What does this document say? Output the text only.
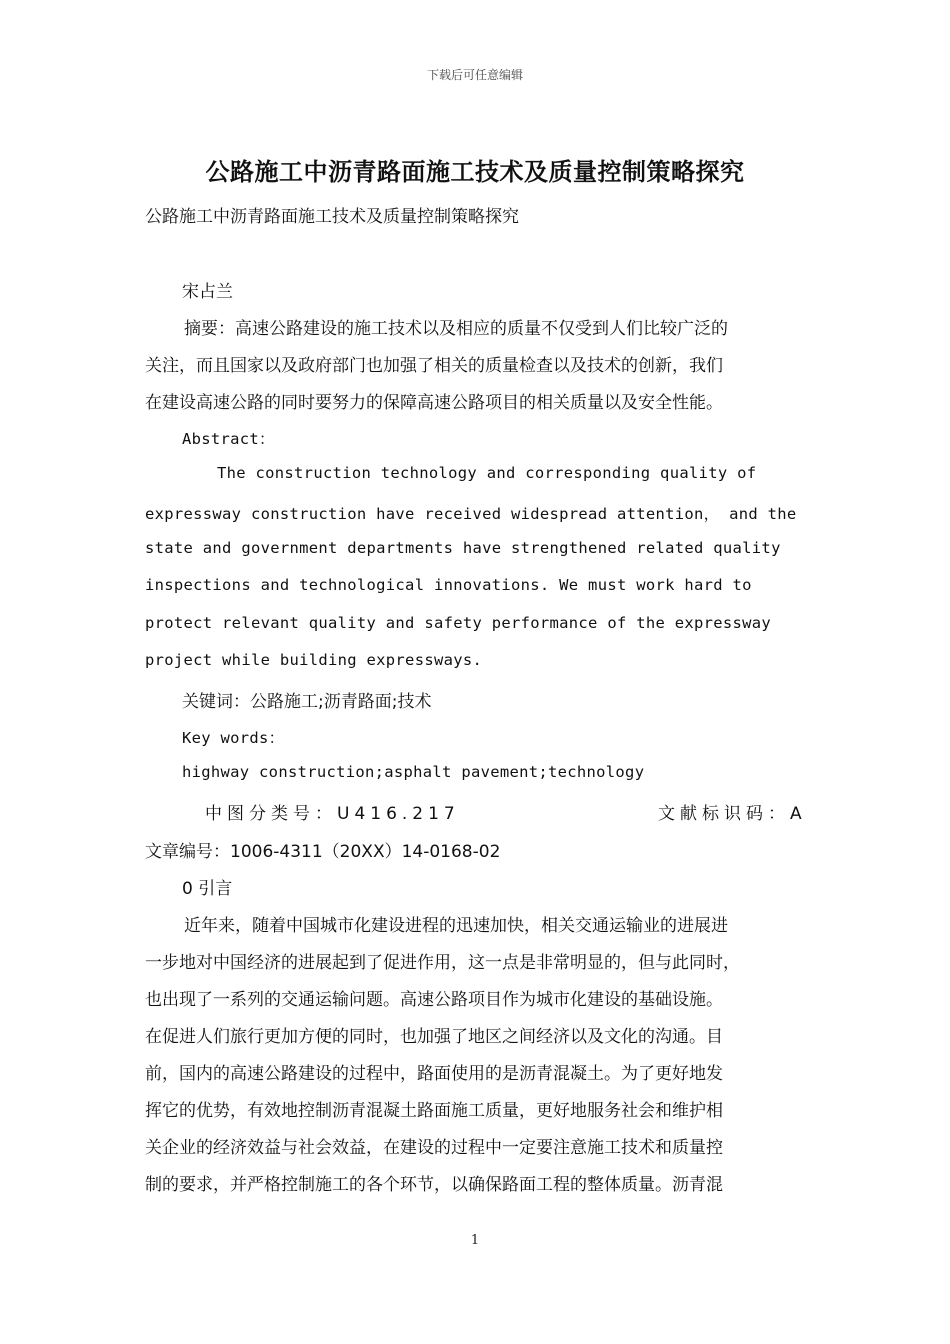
下载后可任意编辑
公路施工中沥青路面施工技术及质量控制策略探究
公路施工中沥青路面施工技术及质量控制策略探究
宋占兰
摘要：高速公路建设的施工技术以及相应的质量不仅受到人们比较广泛的
关注，而且国家以及政府部门也加强了相关的质量检查以及技术的创新，我们
在建设高速公路的同时要努力的保障高速公路项目的相关质量以及安全性能。
Abstract：
The construction technology and corresponding quality of
expressway construction have received widespread attention， and the
state and government departments have strengthened related quality
inspections and technological innovations. We must work hard to
protect relevant quality and safety performance of the expressway
project while building expressways.
关键词：公路施工;沥青路面;技术
Key words：
highway construction;asphalt pavement;technology
中图分类号：U416.217	文献标识码：A
文章编号：1006-4311（20XX）14-0168-02
0 引言
近年来，随着中国城市化建设进程的迅速加快，相关交通运输业的进展进
一步地对中国经济的进展起到了促进作用，这一点是非常明显的，但与此同时，
也出现了一系列的交通运输问题。高速公路项目作为城市化建设的基础设施。
在促进人们旅行更加方便的同时，也加强了地区之间经济以及文化的沟通。目
前，国内的高速公路建设的过程中，路面使用的是沥青混凝土。为了更好地发
挥它的优势，有效地控制沥青混凝土路面施工质量，更好地服务社会和维护相
关企业的经济效益与社会效益，在建设的过程中一定要注意施工技术和质量控
制的要求，并严格控制施工的各个环节，以确保路面工程的整体质量。沥青混
1
